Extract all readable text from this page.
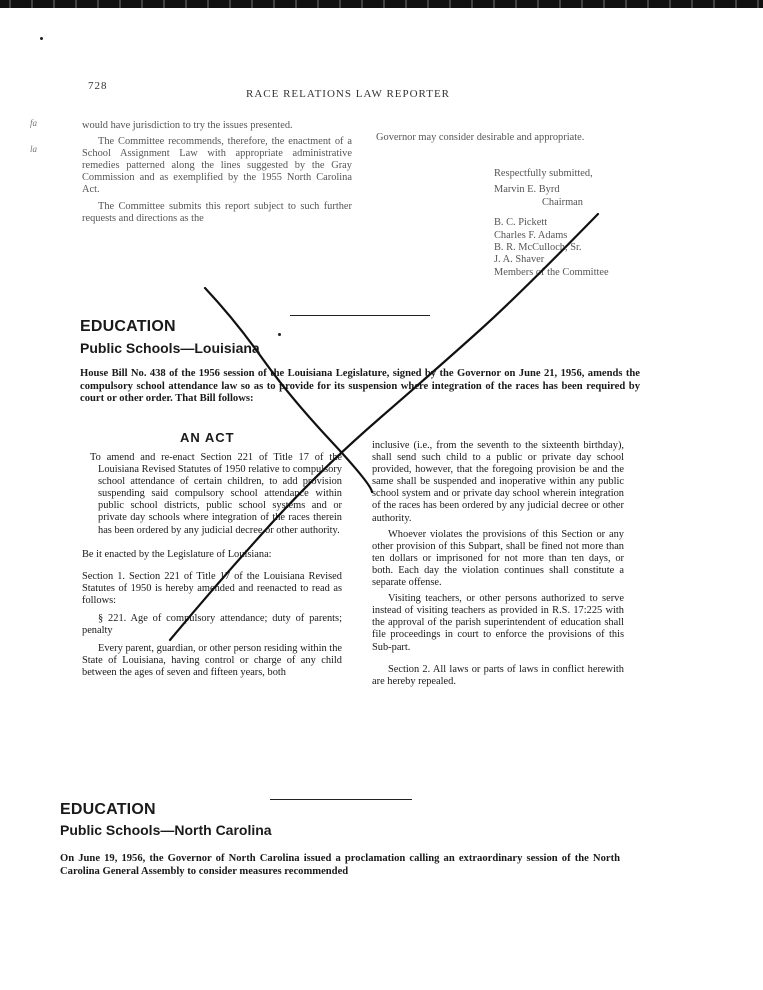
fa
la
728
RACE RELATIONS LAW REPORTER

would have jurisdiction to try the issues presented.

The Committee recommends, therefore, the enactment of a School Assignment Law with appropriate administrative remedies patterned along the lines suggested by the Gray Commission and as exemplified by the 1955 North Carolina Act.

The Committee submits this report subject to such further requests and directions as the

Governor may consider desirable and appropriate.

Respectfully submitted,
Marvin E. Byrd
Chairman
B. C. Pickett
Charles F. Adams
B. R. McCulloch, Sr.
J. A. Shaver
Members of the Committee
EDUCATION
Public Schools—Louisiana
House Bill No. 438 of the 1956 session of the Louisiana Legislature, signed by the Governor on June 21, 1956, amends the compulsory school attendance law so as to provide for its suspension where integration of the races has been required by court or other order. That Bill follows:
AN ACT

To amend and re-enact Section 221 of Title 17 of the Louisiana Revised Statutes of 1950 relative to compulsory school attendance of certain children, to add provision suspending said compulsory school attendance within public school districts, public school systems and or private day schools where integration of the races therein has been ordered by any judicial decree or other authority.

Be it enacted by the Legislature of Louisiana:

Section 1. Section 221 of Title 17 of the Louisiana Revised Statutes of 1950 is hereby amended and reenacted to read as follows:

§ 221. Age of compulsory attendance; duty of parents; penalty

Every parent, guardian, or other person residing within the State of Louisiana, having control or charge of any child between the ages of seven and fifteen years, both

inclusive (i.e., from the seventh to the sixteenth birthday), shall send such child to a public or private day school provided, however, that the foregoing provision be and the same shall be suspended and inoperative within any public school system and or private day school wherein integration of the races has been ordered by any judicial decree or other authority.

Whoever violates the provisions of this Section or any other provision of this Subpart, shall be fined not more than ten dollars or imprisoned for not more than ten days, or both. Each day the violation continues shall constitute a separate offense.

Visiting teachers, or other persons authorized to serve instead of visiting teachers as provided in R.S. 17:225 with the approval of the parish superintendent of education shall file proceedings in court to enforce the provisions of this Sub-part.

Section 2. All laws or parts of laws in conflict herewith are hereby repealed.

EDUCATION
Public Schools—North Carolina
On June 19, 1956, the Governor of North Carolina issued a proclamation calling an extraordinary session of the North Carolina General Assembly to consider measures recommended
